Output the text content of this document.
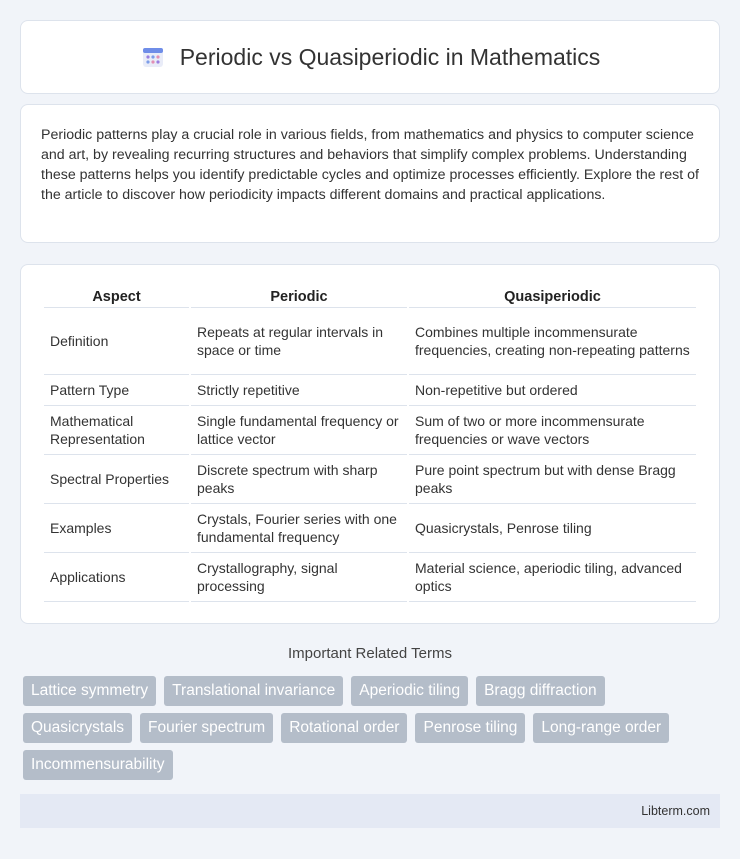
Periodic vs Quasiperiodic in Mathematics

Periodic patterns play a crucial role in various fields, from mathematics and physics to computer science and art, by revealing recurring structures and behaviors that simplify complex problems. Understanding these patterns helps you identify predictable cycles and optimize processes efficiently. Explore the rest of the article to discover how periodicity impacts different domains and practical applications.

Aspect	Periodic	Quasiperiodic
Definition	Repeats at regular intervals in space or time	Combines multiple incommensurate frequencies, creating non-repeating patterns
Pattern Type	Strictly repetitive	Non-repetitive but ordered
Mathematical Representation	Single fundamental frequency or lattice vector	Sum of two or more incommensurate frequencies or wave vectors
Spectral Properties	Discrete spectrum with sharp peaks	Pure point spectrum but with dense Bragg peaks
Examples	Crystals, Fourier series with one fundamental frequency	Quasicrystals, Penrose tiling
Applications	Crystallography, signal processing	Material science, aperiodic tiling, advanced optics
Important Related Terms
Lattice symmetry	Translational invariance	Aperiodic tiling	Bragg diffraction
Quasicrystals	Fourier spectrum	Rotational order	Penrose tiling	Long-range order
Incommensurability
Libterm.com
